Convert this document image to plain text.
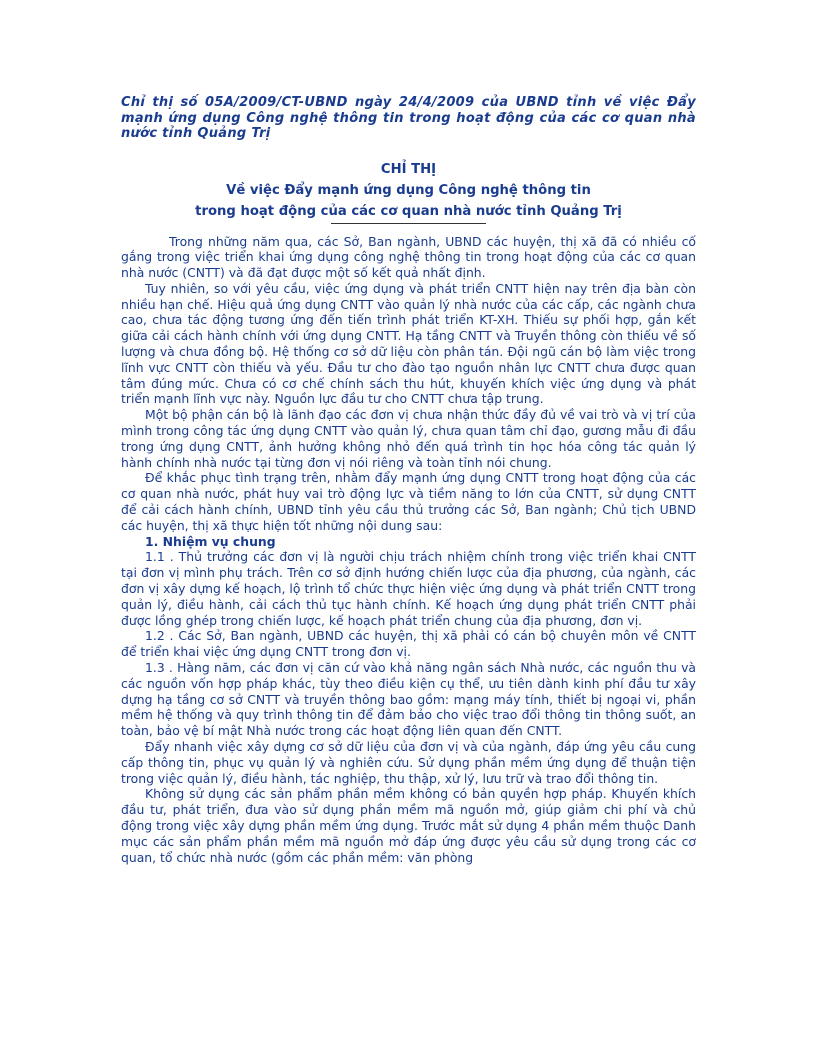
Chỉ thị số 05A/2009/CT-UBND ngày 24/4/2009 của UBND tỉnh về việc Đẩy mạnh ứng dụng Công nghệ thông tin trong hoạt động của các cơ quan nhà nước tỉnh Quảng Trị
CHỈ THỊ
Về việc Đẩy mạnh ứng dụng Công nghệ thông tin
trong hoạt động của các cơ quan nhà nước tỉnh Quảng Trị

Trong những năm qua, các Sở, Ban ngành, UBND các huyện, thị xã đã có nhiều cố gắng trong việc triển khai ứng dụng công nghệ thông tin trong hoạt động của các cơ quan nhà nước (CNTT) và đã đạt được một số kết quả nhất định.

Tuy nhiên, so với yêu cầu, việc ứng dụng và phát triển CNTT hiện nay trên địa bàn còn nhiều hạn chế. Hiệu quả ứng dụng CNTT vào quản lý nhà nước của các cấp, các ngành chưa cao, chưa tác động tương ứng đến tiến trình phát triển KT-XH. Thiếu sự phối hợp, gắn kết giữa cải cách hành chính với ứng dụng CNTT. Hạ tầng CNTT và Truyền thông còn thiếu về số lượng và chưa đồng bộ. Hệ thống cơ sở dữ liệu còn phân tán. Đội ngũ cán bộ làm việc trong lĩnh vực CNTT còn thiếu và yếu. Đầu tư cho đào tạo nguồn nhân lực CNTT chưa được quan tâm đúng mức. Chưa có cơ chế chính sách thu hút, khuyến khích việc ứng dụng và phát triển mạnh lĩnh vực này. Nguồn lực đầu tư cho CNTT chưa tập trung.

Một bộ phận cán bộ là lãnh đạo các đơn vị chưa nhận thức đầy đủ về vai trò và vị trí của mình trong công tác ứng dụng CNTT vào quản lý, chưa quan tâm chỉ đạo, gương mẫu đi đầu trong ứng dụng CNTT, ảnh hưởng không nhỏ đến quá trình tin học hóa công tác quản lý hành chính nhà nước tại từng đơn vị nói riêng và toàn tỉnh nói chung.

Để khắc phục tình trạng trên, nhằm đẩy mạnh ứng dụng CNTT trong hoạt động của các cơ quan nhà nước, phát huy vai trò động lực và tiềm năng to lớn của CNTT, sử dụng CNTT để cải cách hành chính, UBND tỉnh yêu cầu thủ trưởng các Sở, Ban ngành; Chủ tịch UBND các huyện, thị xã thực hiện tốt những nội dung sau:

1. Nhiệm vụ chung

1.1 . Thủ trưởng các đơn vị là người chịu trách nhiệm chính trong việc triển khai CNTT tại đơn vị mình phụ trách. Trên cơ sở định hướng chiến lược của địa phương, của ngành, các đơn vị xây dựng kế hoạch, lộ trình tổ chức thực hiện việc ứng dụng và phát triển CNTT trong quản lý, điều hành, cải cách thủ tục hành chính. Kế hoạch ứng dụng phát triển CNTT phải được lồng ghép trong chiến lược, kế hoạch phát triển chung của địa phương, đơn vị.

1.2 . Các Sở, Ban ngành, UBND các huyện, thị xã phải có cán bộ chuyên môn về CNTT để triển khai việc ứng dụng CNTT trong đơn vị.

1.3 . Hàng năm, các đơn vị căn cứ vào khả năng ngân sách Nhà nước, các nguồn thu và các nguồn vốn hợp pháp khác, tùy theo điều kiện cụ thể, ưu tiên dành kinh phí đầu tư xây dựng hạ tầng cơ sở CNTT và truyền thông bao gồm: mạng máy tính, thiết bị ngoại vi, phần mềm hệ thống và quy trình thông tin để đảm bảo cho việc trao đổi thông tin thông suốt, an toàn, bảo vệ bí mật Nhà nước trong các hoạt động liên quan đến CNTT.

Đẩy nhanh việc xây dựng cơ sở dữ liệu của đơn vị và của ngành, đáp ứng yêu cầu cung cấp thông tin, phục vụ quản lý và nghiên cứu. Sử dụng phần mềm ứng dụng để thuận tiện trong việc quản lý, điều hành, tác nghiệp, thu thập, xử lý, lưu trữ và trao đổi thông tin.

Không sử dụng các sản phẩm phần mềm không có bản quyền hợp pháp. Khuyến khích đầu tư, phát triển, đưa vào sử dụng phần mềm mã nguồn mở, giúp giảm chi phí và chủ động trong việc xây dựng phần mềm ứng dụng. Trước mắt sử dụng 4 phần mềm thuộc Danh mục các sản phẩm phần mềm mã nguồn mở đáp ứng được yêu cầu sử dụng trong các cơ quan, tổ chức nhà nước (gồm các phần mềm: văn phòng
